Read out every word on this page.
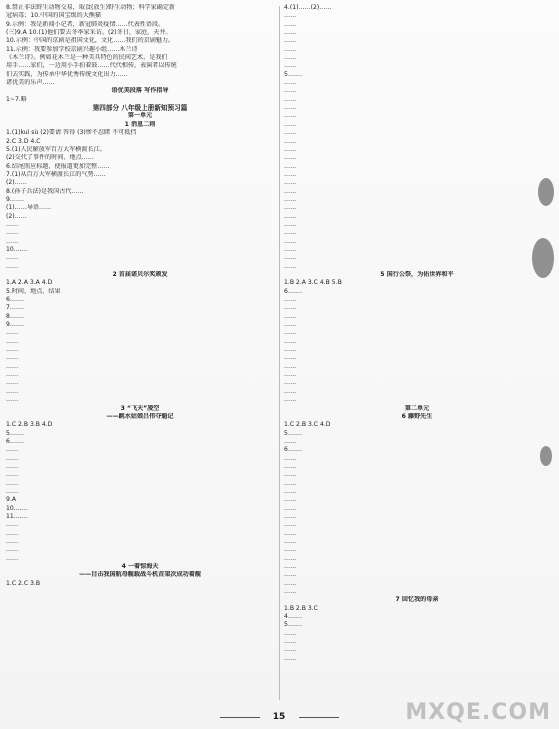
8.禁止非法野生动物交易，取食(放生)野生动物；科学家确定新
冠病毒；10.中国的国宝级的大熊猫
9.示例：我是新闻小记者，新冠肺炎疫情……代表性语段。
(三)9.A 10.(1)他们要去冬季家采访。(2)冬日，家庭，天井。
10.示例：中国的京剧是祖国文化，文化……我们的京剧魅力。
11.示例：我要参加学校京剧兴趣小组……木兰诗
《木兰诗》。例如花木兰是一种美具特色的民间艺术，是我们
用手……家们，一边用小手拍着鼓……代代相传，表演者以传统
们去实践，为传承中华优秀传统文化出力……
诸优美的乐声……
语优美段落 写作指导
1~7.略
第四部分 八年级上册新知预习篇
第一单元
1 消息二则
1.(1)kuì sù (2)要请 答得 (3)惨不忍睹 不可抵挡
2.C 3.D 4.C
5.(1)人民解放军百万大军横渡长江。
(2)交代了事件的时间、地点……
6.结尾照应标题，使报道更加完整……
7.(1)从百万大军横渡长江的气势……
(2)……
8.(孙子兵法)是我国古代……
9.……
(1)……导语……
(2)……
……
……
……
10.……
……
……
2 首届诺贝尔奖颁发
1.A 2.A 3.A 4.D
5.时间、地点、结果
6.……
7.……
8.……
9.……
……
……
……
……
……
……
……
……
……
3 “飞天”凌空
——跳水姑娘吕伟夺魁记
1.C 2.B 3.B 4.D
5.……
6.……
……
……
……
……
……
……
9.A
10.……
11.……
……
……
……
……
……
4 一着惊海天
——目击我国航母舰载战斗机首架次成功着舰
1.C 2.C 3.B
4.(1)……(2)……
……
……
……
……
……
……
……
5.……
……
……
……
……
……
……
……
……
……
……
……
……
……
……
……
……
……
……
……
……
……
……
……
5 国行公祭，为佑世界和平
1.B 2.A 3.C 4.B 5.B
6.……
……
……
……
……
……
……
……
……
……
……
……
……
……
第二单元
6 藤野先生
1.C 2.B 3.C 4.D
5.……
……
6.……
……
……
……
……
……
……
……
……
……
……
……
……
……
……
……
……
……
7 回忆我的母亲
1.B 2.B 3.C
4.……
5.……
……
……
……
……
15	MXQE.COM
